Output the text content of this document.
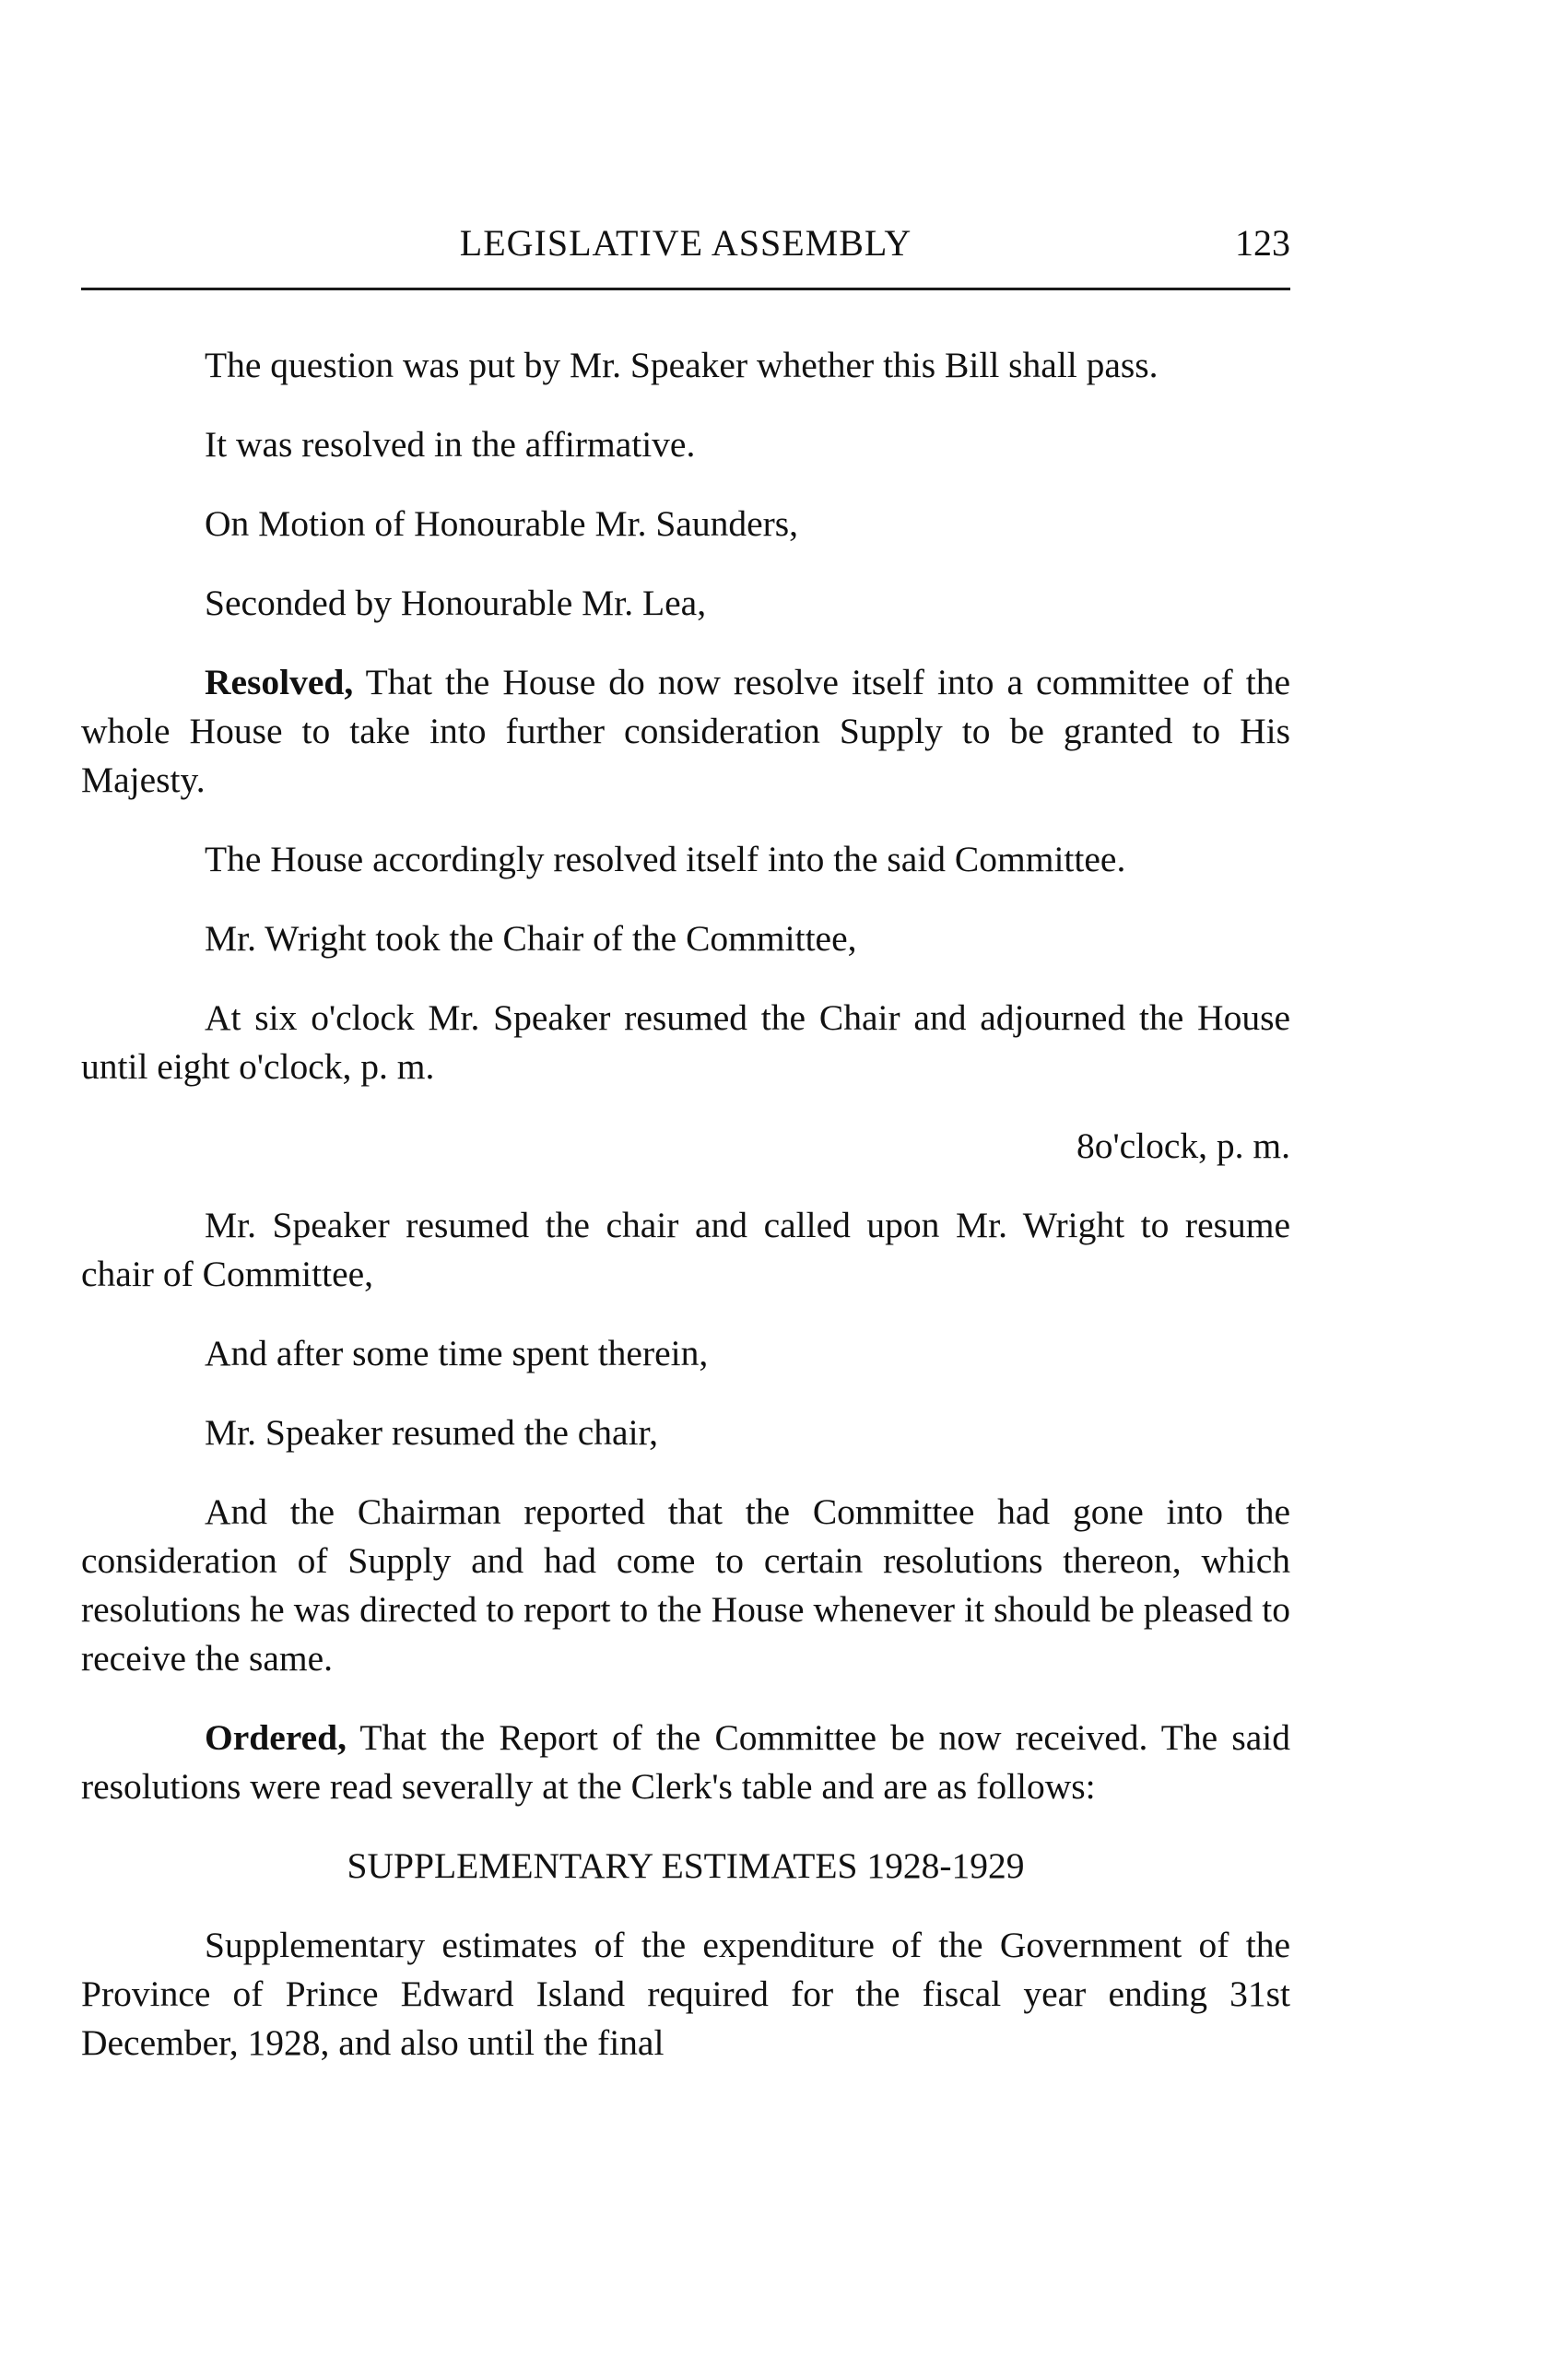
LEGISLATIVE ASSEMBLY	123

The question was put by Mr. Speaker whether this Bill shall pass.

It was resolved in the affirmative.

On Motion of Honourable Mr. Saunders,

Seconded by Honourable Mr. Lea,

Resolved, That the House do now resolve itself into a committee of the whole House to take into further consideration Supply to be granted to His Majesty.

The House accordingly resolved itself into the said Committee.

Mr. Wright took the Chair of the Committee,

At six o'clock Mr. Speaker resumed the Chair and adjourned the House until eight o'clock, p. m.

8o'clock, p. m.

Mr. Speaker resumed the chair and called upon Mr. Wright to resume chair of Committee,

And after some time spent therein,

Mr. Speaker resumed the chair,

And the Chairman reported that the Committee had gone into the consideration of Supply and had come to certain resolutions thereon, which resolutions he was directed to report to the House whenever it should be pleased to receive the same.

Ordered, That the Report of the Committee be now received. The said resolutions were read severally at the Clerk's table and are as follows:

SUPPLEMENTARY ESTIMATES 1928-1929

Supplementary estimates of the expenditure of the Government of the Province of Prince Edward Island required for the fiscal year ending 31st December, 1928, and also until the final
